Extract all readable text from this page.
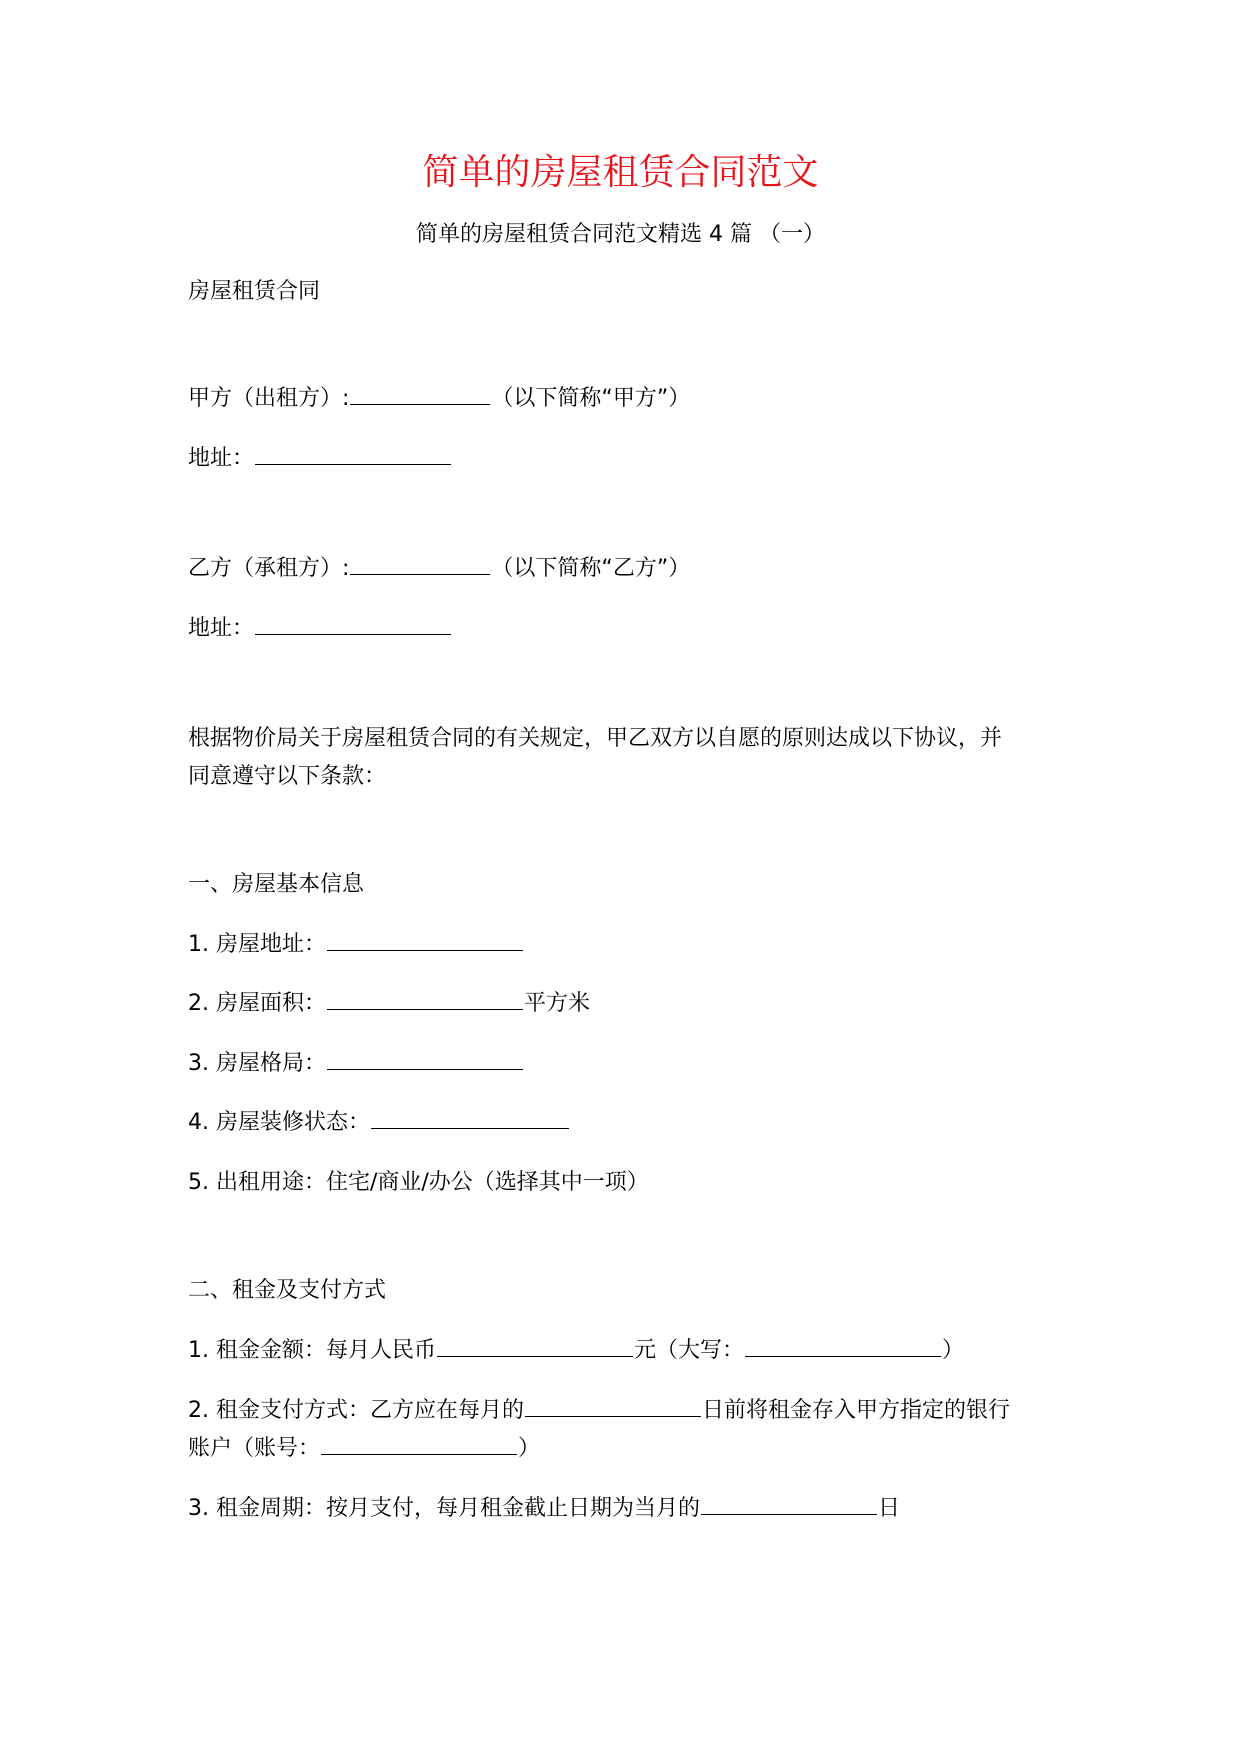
简单的房屋租赁合同范文
简单的房屋租赁合同范文精选 4 篇 （一）
房屋租赁合同
甲方（出租方）:	（以下简称“甲方”）
地址：
乙方（承租方）:	（以下简称“乙方”）
地址：
根据物价局关于房屋租赁合同的有关规定，甲乙双方以自愿的原则达成以下协议，并
同意遵守以下条款：
一、房屋基本信息
1. 房屋地址：
2. 房屋面积：	平方米
3. 房屋格局：
4. 房屋装修状态：
5. 出租用途：住宅/商业/办公（选择其中一项）
二、租金及支付方式
1. 租金金额：每月人民币	元（大写：	）
2. 租金支付方式：乙方应在每月的	日前将租金存入甲方指定的银行
账户（账号：	）
3. 租金周期：按月支付，每月租金截止日期为当月的	日
